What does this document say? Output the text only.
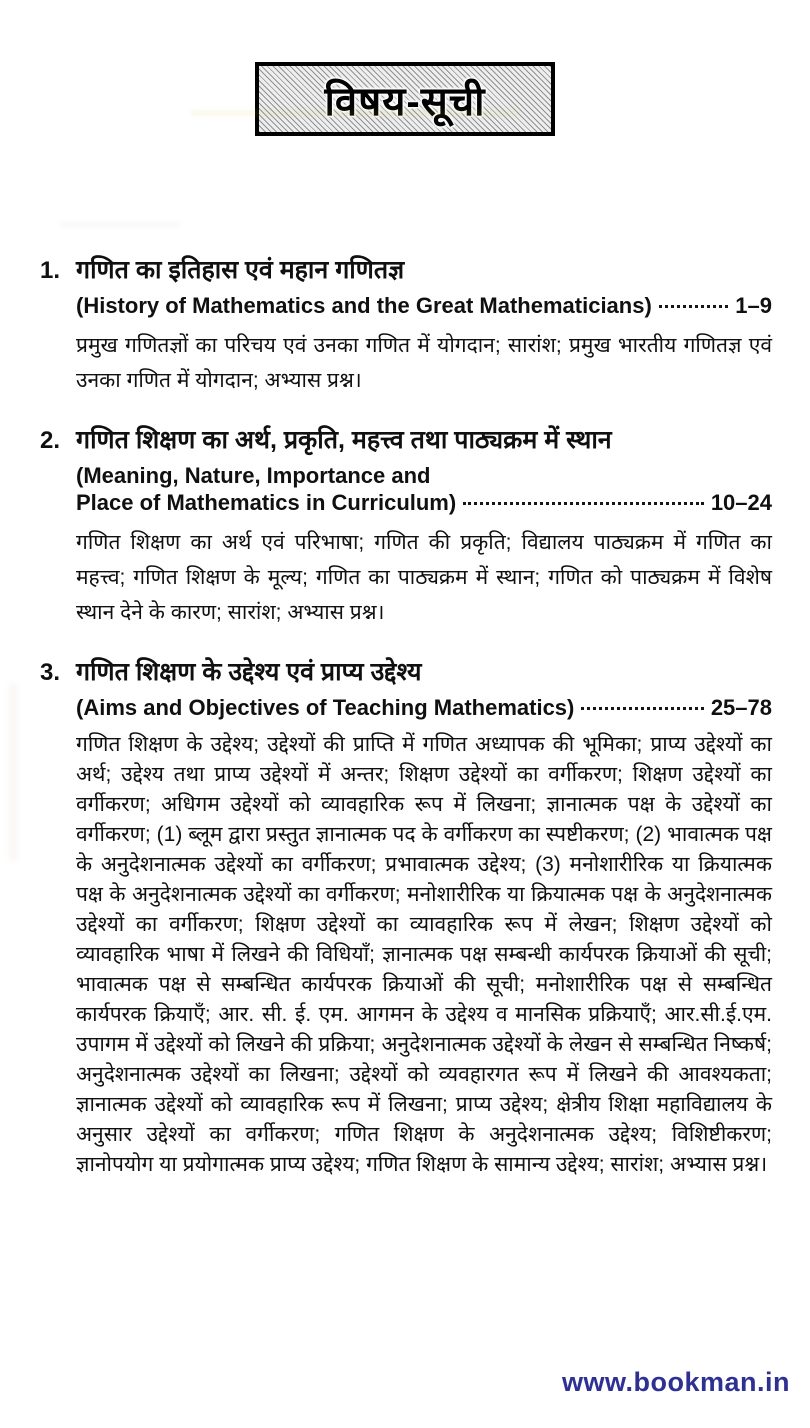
विषय-सूची
1. गणित का इतिहास एवं महान गणितज्ञ
(History of Mathematics and the Great Mathematicians)	1–9

प्रमुख गणितज्ञों का परिचय एवं उनका गणित में योगदान; सारांश; प्रमुख भारतीय गणितज्ञ एवं उनका गणित में योगदान; अभ्यास प्रश्न।

2. गणित शिक्षण का अर्थ, प्रकृति, महत्त्व तथा पाठ्यक्रम में स्थान
(Meaning, Nature, Importance and
Place of Mathematics in Curriculum)	10–24

गणित शिक्षण का अर्थ एवं परिभाषा; गणित की प्रकृति; विद्यालय पाठ्यक्रम में गणित का महत्त्व; गणित शिक्षण के मूल्य; गणित का पाठ्यक्रम में स्थान; गणित को पाठ्यक्रम में विशेष स्थान देने के कारण; सारांश; अभ्यास प्रश्न।

3. गणित शिक्षण के उद्देश्य एवं प्राप्य उद्देश्य
(Aims and Objectives of Teaching Mathematics)	25–78

गणित शिक्षण के उद्देश्य; उद्देश्यों की प्राप्ति में गणित अध्यापक की भूमिका; प्राप्य उद्देश्यों का अर्थ; उद्देश्य तथा प्राप्य उद्देश्यों में अन्तर; शिक्षण उद्देश्यों का वर्गीकरण; शिक्षण उद्देश्यों का वर्गीकरण; अधिगम उद्देश्यों को व्यावहारिक रूप में लिखना; ज्ञानात्मक पक्ष के उद्देश्यों का वर्गीकरण; (1) ब्लूम द्वारा प्रस्तुत ज्ञानात्मक पद के वर्गीकरण का स्पष्टीकरण; (2) भावात्मक पक्ष के अनुदेशनात्मक उद्देश्यों का वर्गीकरण; प्रभावात्मक उद्देश्य; (3) मनोशारीरिक या क्रियात्मक पक्ष के अनुदेशनात्मक उद्देश्यों का वर्गीकरण; मनोशारीरिक या क्रियात्मक पक्ष के अनुदेशनात्मक उद्देश्यों का वर्गीकरण; शिक्षण उद्देश्यों का व्यावहारिक रूप में लेखन; शिक्षण उद्देश्यों को व्यावहारिक भाषा में लिखने की विधियाँ; ज्ञानात्मक पक्ष सम्बन्धी कार्यपरक क्रियाओं की सूची; भावात्मक पक्ष से सम्बन्धित कार्यपरक क्रियाओं की सूची; मनोशारीरिक पक्ष से सम्बन्धित कार्यपरक क्रियाएँ; आर. सी. ई. एम. आगमन के उद्देश्य व मानसिक प्रक्रियाएँ; आर.सी.ई.एम. उपागम में उद्देश्यों को लिखने की प्रक्रिया; अनुदेशनात्मक उद्देश्यों के लेखन से सम्बन्धित निष्कर्ष; अनुदेशनात्मक उद्देश्यों का लिखना; उद्देश्यों को व्यवहारगत रूप में लिखने की आवश्यकता; ज्ञानात्मक उद्देश्यों को व्यावहारिक रूप में लिखना; प्राप्य उद्देश्य; क्षेत्रीय शिक्षा महाविद्यालय के अनुसार उद्देश्यों का वर्गीकरण; गणित शिक्षण के अनुदेशनात्मक उद्देश्य; विशिष्टीकरण; ज्ञानोपयोग या प्रयोगात्मक प्राप्य उद्देश्य; गणित शिक्षण के सामान्य उद्देश्य; सारांश; अभ्यास प्रश्न।

www.bookman.in
